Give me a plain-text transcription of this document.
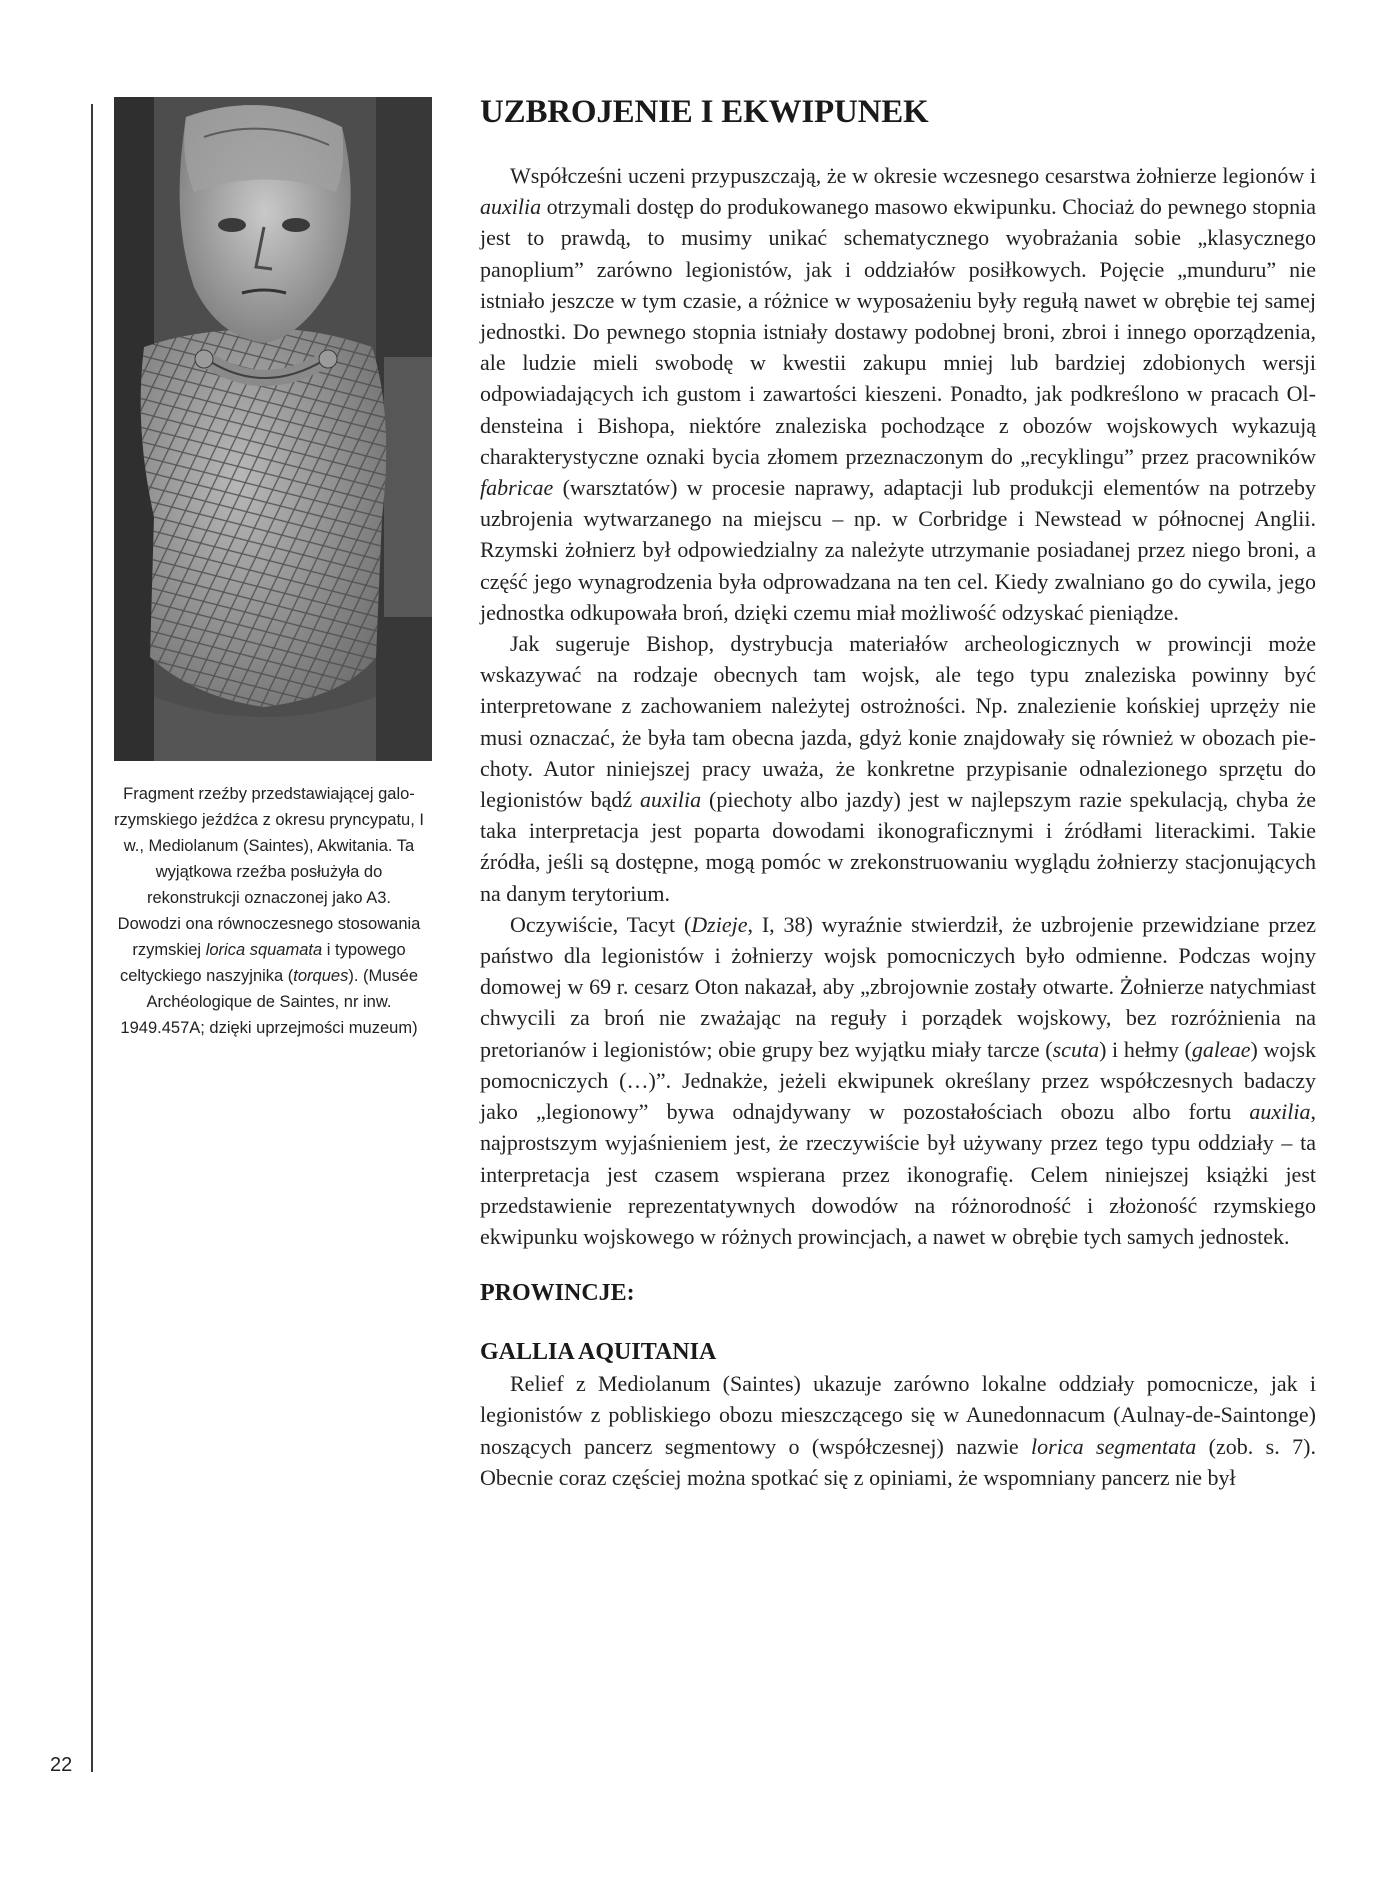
22
Fragment rzeźby przedstawiającej galo-rzymskiego jeźdźca z okresu pryncypatu, I w., Mediolanum (Saintes), Akwitania. Ta wyjątkowa rzeźba posłużyła do rekonstrukcji oznaczonej jako A3. Dowodzi ona równoczesnego stosowania rzymskiej lorica squamata i typowego celtyckiego naszyjnika (torques). (Musée Archéologique de Saintes, nr inw. 1949.457A; dzięki uprzejmości muzeum)
UZBROJENIE I EKWIPUNEK

Współcześni uczeni przypuszczają, że w okresie wczesnego cesarstwa żołnierze legionów i auxilia otrzymali dostęp do produkowanego masowo ekwipunku. Chociaż do pewnego stopnia jest to prawdą, to musimy unikać schematycznego wyobrażania sobie „klasycznego panoplium” zarówno legionistów, jak i oddziałów posiłkowych. Pojęcie „munduru” nie istniało jeszcze w tym czasie, a różnice w wyposażeniu były regułą nawet w obrębie tej samej jednostki. Do pewnego stopnia istniały dostawy podobnej broni, zbroi i innego oporządzenia, ale ludzie mieli swobodę w kwestii zakupu mniej lub bardziej zdobionych wersji odpowiadających ich gustom i zawartości kieszeni. Ponadto, jak podkreślono w pracach Oldensteina i Bishopa, niektóre znaleziska pochodzące z obozów wojskowych wykazują charakterystyczne oznaki bycia złomem przeznaczonym do „recyklingu” przez pracowników fabricae (warsztatów) w procesie naprawy, adaptacji lub produkcji elementów na potrzeby uzbrojenia wytwarzanego na miejscu – np. w Corbridge i Newstead w północnej Anglii. Rzymski żołnierz był odpowiedzialny za należyte utrzymanie posiadanej przez niego broni, a część jego wynagrodzenia była odprowadzana na ten cel. Kiedy zwalniano go do cywila, jego jednostka odkupowała broń, dzięki czemu miał możliwość odzyskać pieniądze.

Jak sugeruje Bishop, dystrybucja materiałów archeologicznych w prowincji może wskazywać na rodzaje obecnych tam wojsk, ale tego typu znaleziska powinny być interpretowane z zachowaniem należytej ostrożności. Np. znalezienie końskiej uprzęży nie musi oznaczać, że była tam obecna jazda, gdyż konie znajdowały się również w obozach piechoty. Autor niniejszej pracy uważa, że konkretne przypisanie odnalezionego sprzętu do legionistów bądź auxilia (piechoty albo jazdy) jest w najlepszym razie spekulacją, chyba że taka interpretacja jest poparta dowodami ikonograficznymi i źródłami literackimi. Takie źródła, jeśli są dostępne, mogą pomóc w zrekonstruowaniu wyglądu żołnierzy stacjonujących na danym terytorium.

Oczywiście, Tacyt (Dzieje, I, 38) wyraźnie stwierdził, że uzbrojenie przewidziane przez państwo dla legionistów i żołnierzy wojsk pomocniczych było odmienne. Podczas wojny domowej w 69 r. cesarz Oton nakazał, aby „zbrojownie zostały otwarte. Żołnierze natychmiast chwycili za broń nie zważając na reguły i porządek wojskowy, bez rozróżnienia na pretorianów i legionistów; obie grupy bez wyjątku miały tarcze (scuta) i hełmy (galeae) wojsk pomocniczych (…)”. Jednakże, jeżeli ekwipunek określany przez współczesnych badaczy jako „legionowy” bywa odnajdywany w pozostałościach obozu albo fortu auxilia, najprostszym wyjaśnieniem jest, że rzeczywiście był używany przez tego typu oddziały – ta interpretacja jest czasem wspierana przez ikonografię. Celem niniejszej książki jest przedstawienie reprezentatywnych dowodów na różnorodność i złożoność rzymskiego ekwipunku wojskowego w różnych prowincjach, a nawet w obrębie tych samych jednostek.

PROWINCJE:
GALLIA AQUITANIA

Relief z Mediolanum (Saintes) ukazuje zarówno lokalne oddziały pomocnicze, jak i legionistów z pobliskiego obozu mieszczącego się w Aunedonnacum (Aulnay-de-Saintonge) noszących pancerz segmentowy o (współczesnej) nazwie lorica segmentata (zob. s. 7). Obecnie coraz częściej można spotkać się z opiniami, że wspomniany pancerz nie był
